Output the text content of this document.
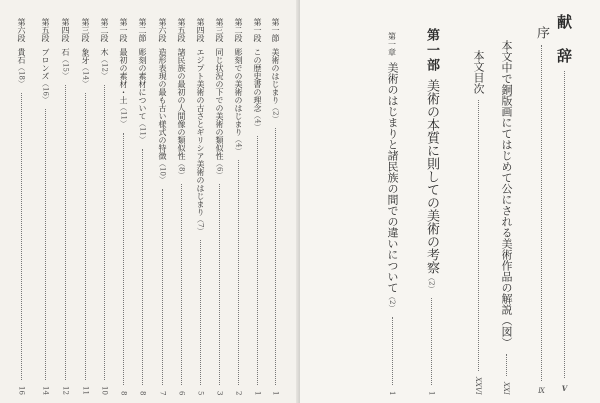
第一節
美術のはじまり
（2）
1
第一段
この歴史書の理念
（4）
1
第二段
彫刻での美術のはじまり
（4）
2
第三段
同じ状況の下での美術の類似性
（6）
3
第四段
エジプト美術の古さとギリシア美術のはじまり
（7）
5
第五段
諸民族の最初の人間像の類似性
（8）
6
第六段
造形表現の最も古い様式の特徴
（10）
7
第二節
彫刻の素材について
（11）
8
第一段
最初の素材・土
（11）
8
第二段
木
（12）
10
第三段
象牙
（14）
11
第四段
石
（15）
12
第五段
ブロンズ
（16）
14
第六段
貴石
（18）
16
献　辞
Ⅴ
序
Ⅸ
本文中で銅版画にてはじめて公にされる美術作品の解説（図）
XXI
本文目次
XXVI
第一部
美術の本質に則しての美術の考察
（2）
1
第一章
美術のはじまりと諸民族の間での違いについて
（2）
1
